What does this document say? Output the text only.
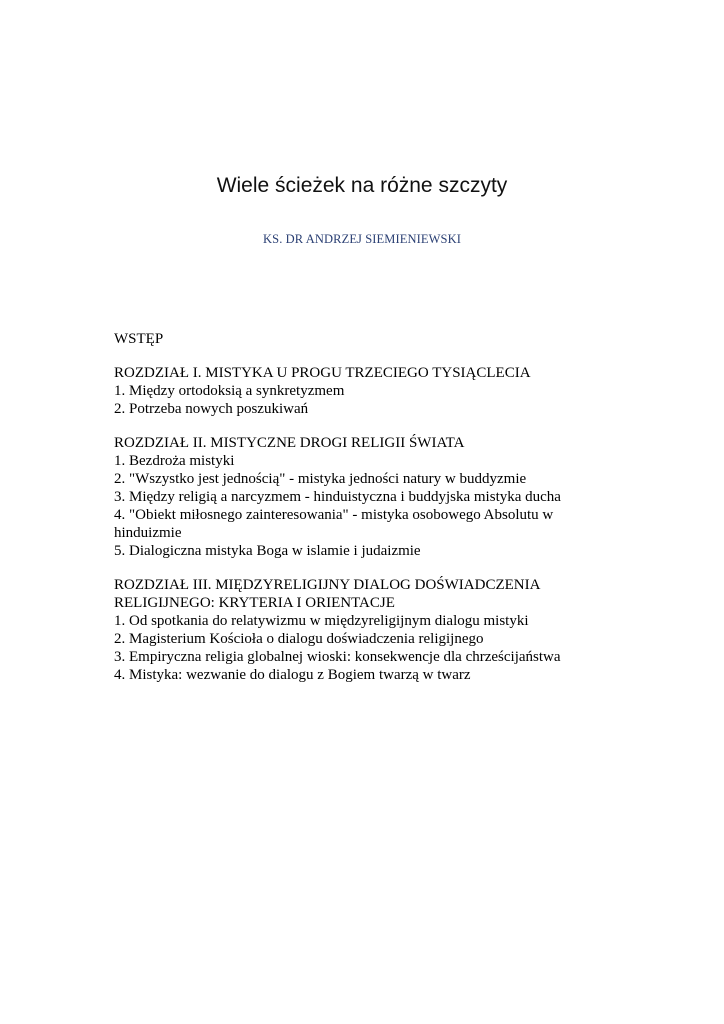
Wiele ścieżek na różne szczyty
KS. DR ANDRZEJ SIEMIENIEWSKI
WSTĘP
ROZDZIAŁ I. MISTYKA U PROGU TRZECIEGO TYSIĄCLECIA
1. Między ortodoksią a synkretyzmem
2. Potrzeba nowych poszukiwań
ROZDZIAŁ II. MISTYCZNE DROGI RELIGII ŚWIATA
1. Bezdroża mistyki
2. "Wszystko jest jednością" - mistyka jedności natury w buddyzmie
3. Między religią a narcyzmem - hinduistyczna i buddyjska mistyka ducha
4. "Obiekt miłosnego zainteresowania" - mistyka osobowego Absolutu w hinduizmie
5. Dialogiczna mistyka Boga w islamie i judaizmie
ROZDZIAŁ III. MIĘDZYRELIGIJNY DIALOG DOŚWIADCZENIA RELIGIJNEGO: KRYTERIA I ORIENTACJE
1. Od spotkania do relatywizmu w międzyreligijnym dialogu mistyki
2. Magisterium Kościoła o dialogu doświadczenia religijnego
3. Empiryczna religia globalnej wioski: konsekwencje dla chrześcijaństwa
4. Mistyka: wezwanie do dialogu z Bogiem twarzą w twarz
